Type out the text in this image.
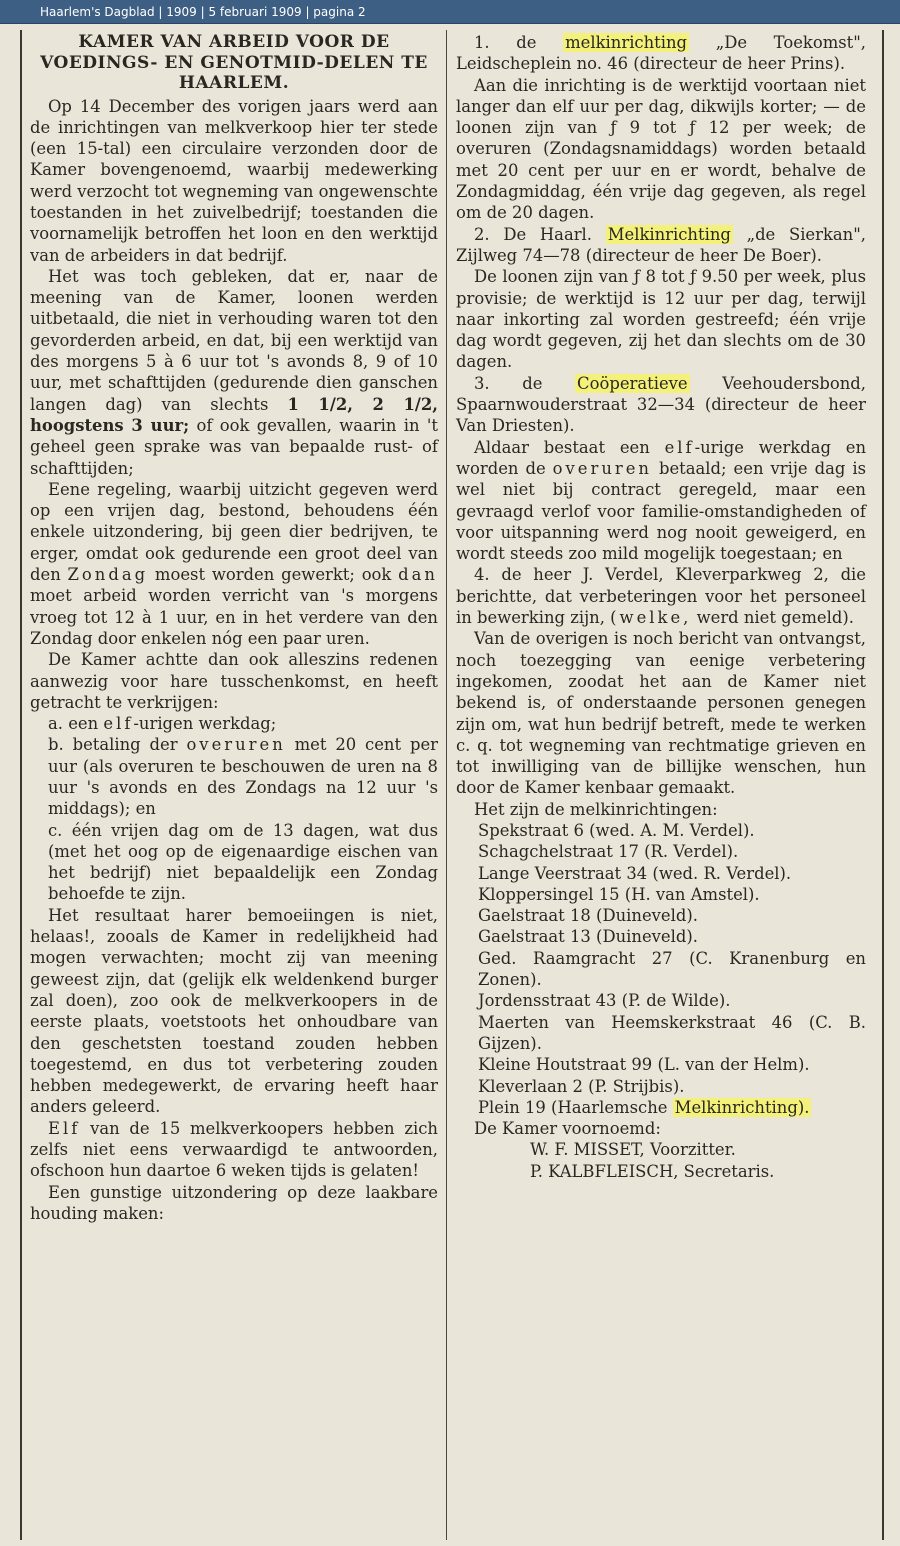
Haarlem's Dagblad | 1909 | 5 februari 1909 | pagina 2
KAMER VAN ARBEID VOOR DE VOEDINGS- EN GENOTMID-DELEN TE HAARLEM.

Op 14 December des vorigen jaars werd aan de inrichtingen van melkverkoop hier ter stede (een 15-tal) een circulaire verzonden door de Kamer bovengenoemd, waarbij medewerking werd verzocht tot wegneming van ongewenschte toestanden in het zuivelbedrijf; toestanden die voornamelijk betroffen het loon en den werktijd van de arbeiders in dat bedrijf.

Het was toch gebleken, dat er, naar de meening van de Kamer, loonen werden uitbetaald, die niet in verhouding waren tot den gevorderden arbeid, en dat, bij een werktijd van des morgens 5 à 6 uur tot 's avonds 8, 9 of 10 uur, met schafttijden (gedurende dien ganschen langen dag) van slechts 1 1/2, 2 1/2, hoogstens 3 uur; of ook gevallen, waarin in 't geheel geen sprake was van bepaalde rust- of schafttijden;

Eene regeling, waarbij uitzicht gegeven werd op een vrijen dag, bestond, behoudens één enkele uitzondering, bij geen dier bedrijven, te erger, omdat ook gedurende een groot deel van den Zondag moest worden gewerkt; ook dan moet arbeid worden verricht van 's morgens vroeg tot 12 à 1 uur, en in het verdere van den Zondag door enkelen nóg een paar uren.

De Kamer achtte dan ook alleszins redenen aanwezig voor hare tusschenkomst, en heeft getracht te verkrijgen:

a. een elf-urigen werkdag;

b. betaling der overuren met 20 cent per uur (als overuren te beschouwen de uren na 8 uur 's avonds en des Zondags na 12 uur 's middags); en

c. één vrijen dag om de 13 dagen, wat dus (met het oog op de eigenaardige eischen van het bedrijf) niet bepaaldelijk een Zondag behoefde te zijn.

Het resultaat harer bemoeiingen is niet, helaas!, zooals de Kamer in redelijkheid had mogen verwachten; mocht zij van meening geweest zijn, dat (gelijk elk weldenkend burger zal doen), zoo ook de melkverkoopers in de eerste plaats, voetstoots het onhoudbare van den geschetsten toestand zouden hebben toegestemd, en dus tot verbetering zouden hebben medegewerkt, de ervaring heeft haar anders geleerd.

Elf van de 15 melkverkoopers hebben zich zelfs niet eens verwaardigd te antwoorden, ofschoon hun daartoe 6 weken tijds is gelaten!

Een gunstige uitzondering op deze laakbare houding maken:

1. de melkinrichting „De Toekomst", Leidscheplein no. 46 (directeur de heer Prins).

Aan die inrichting is de werktijd voortaan niet langer dan elf uur per dag, dikwijls korter; — de loonen zijn van ƒ 9 tot ƒ 12 per week; de overuren (Zondagsnamiddags) worden betaald met 20 cent per uur en er wordt, behalve de Zondagmiddag, één vrije dag gegeven, als regel om de 20 dagen.

2. De Haarl. Melkinrichting „de Sierkan", Zijlweg 74—78 (directeur de heer De Boer).

De loonen zijn van ƒ 8 tot ƒ 9.50 per week, plus provisie; de werktijd is 12 uur per dag, terwijl naar inkorting zal worden gestreefd; één vrije dag wordt gegeven, zij het dan slechts om de 30 dagen.

3. de Coöperatieve Veehoudersbond, Spaarnwouderstraat 32—34 (directeur de heer Van Driesten).

Aldaar bestaat een elf-urige werkdag en worden de overuren betaald; een vrije dag is wel niet bij contract geregeld, maar een gevraagd verlof voor familie-omstandigheden of voor uitspanning werd nog nooit geweigerd, en wordt steeds zoo mild mogelijk toegestaan; en

4. de heer J. Verdel, Kleverparkweg 2, die berichtte, dat verbeteringen voor het personeel in bewerking zijn, (welke, werd niet gemeld).

Van de overigen is noch bericht van ontvangst, noch toezegging van eenige verbetering ingekomen, zoodat het aan de Kamer niet bekend is, of onderstaande personen genegen zijn om, wat hun bedrijf betreft, mede te werken c. q. tot wegneming van rechtmatige grieven en tot inwilliging van de billijke wenschen, hun door de Kamer kenbaar gemaakt.

Het zijn de melkinrichtingen:

Spekstraat 6 (wed. A. M. Verdel).

Schagchelstraat 17 (R. Verdel).

Lange Veerstraat 34 (wed. R. Verdel).

Kloppersingel 15 (H. van Amstel).

Gaelstraat 18 (Duineveld).

Gaelstraat 13 (Duineveld).

Ged. Raamgracht 27 (C. Kranenburg en Zonen).

Jordensstraat 43 (P. de Wilde).

Maerten van Heemskerkstraat 46 (C. B. Gijzen).

Kleine Houtstraat 99 (L. van der Helm).

Kleverlaan 2 (P. Strijbis).

Plein 19 (Haarlemsche Melkinrichting).

De Kamer voornoemd:

W. F. MISSET, Voorzitter.

P. KALBFLEISCH, Secretaris.
